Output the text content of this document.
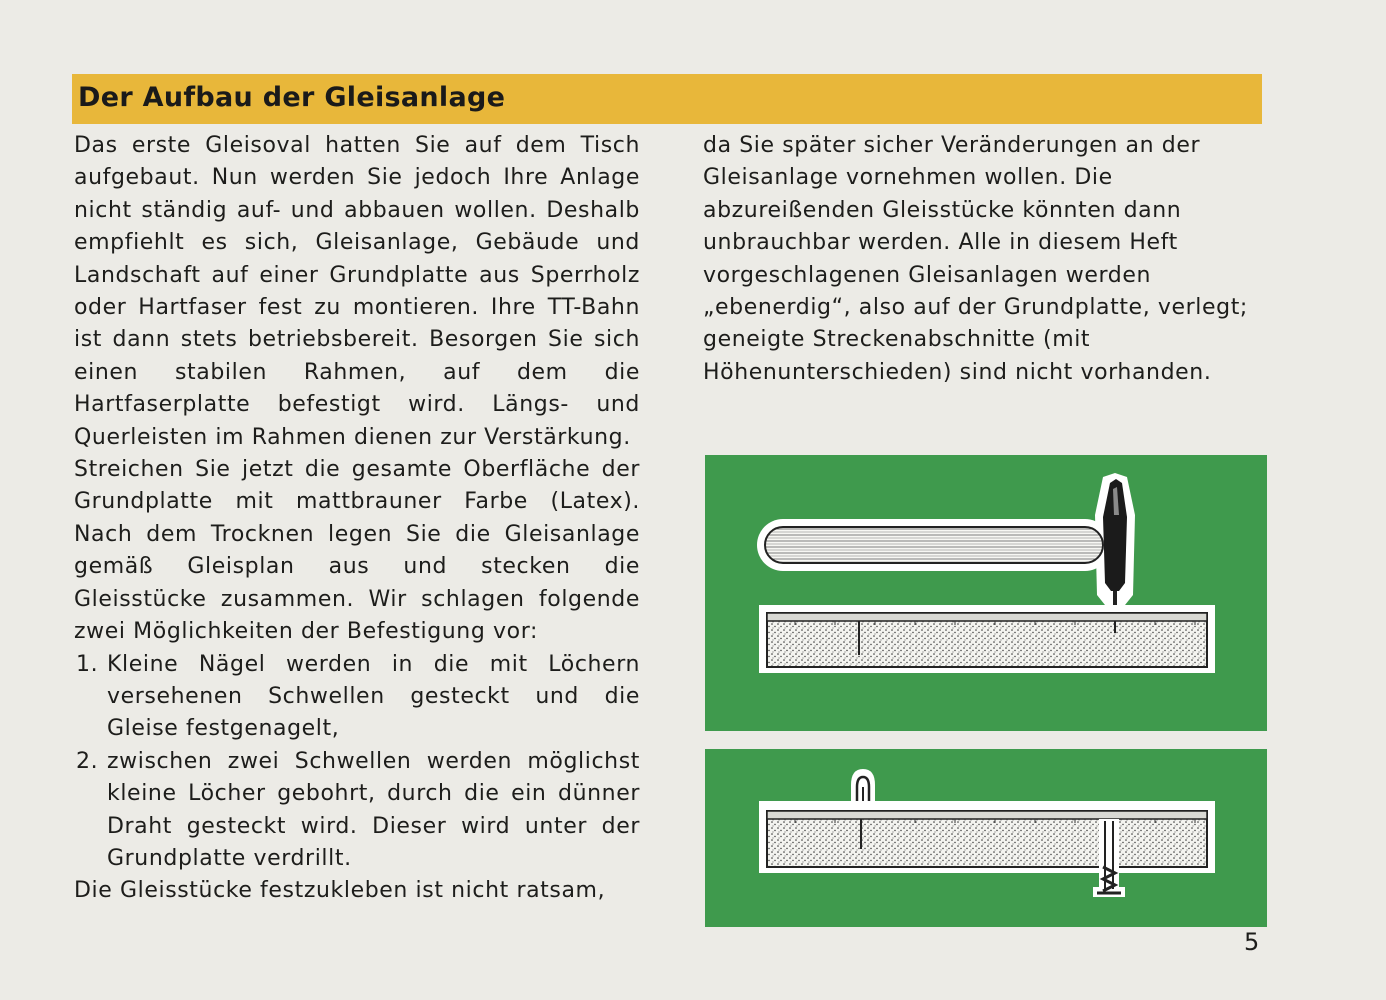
Der Aufbau der Gleisanlage

Das erste Gleisoval hatten Sie auf dem Tisch aufgebaut. Nun werden Sie jedoch Ihre Anlage nicht ständig auf- und abbauen wollen. Deshalb empfiehlt es sich, Gleisanlage, Gebäude und Landschaft auf einer Grundplatte aus Sperrholz oder Hartfaser fest zu montieren. Ihre TT-Bahn ist dann stets betriebsbereit. Besorgen Sie sich einen stabilen Rahmen, auf dem die Hartfaserplatte befestigt wird. Längs- und Querleisten im Rahmen dienen zur Verstärkung.

Streichen Sie jetzt die gesamte Oberfläche der Grundplatte mit mattbrauner Farbe (Latex). Nach dem Trocknen legen Sie die Gleisanlage gemäß Gleisplan aus und stecken die Gleisstücke zusammen. Wir schlagen folgende zwei Möglichkeiten der Befestigung vor:

1. Kleine Nägel werden in die mit Löchern versehenen Schwellen gesteckt und die Gleise festgenagelt,
2. zwischen zwei Schwellen werden möglichst kleine Löcher gebohrt, durch die ein dünner Draht gesteckt wird. Dieser wird unter der Grundplatte verdrillt.

Die Gleisstücke festzukleben ist nicht ratsam,

da Sie später sicher Veränderungen an der Gleisanlage vornehmen wollen. Die abzureißenden Gleisstücke könnten dann unbrauchbar werden. Alle in diesem Heft vorgeschlagenen Gleisanlagen werden „ebenerdig“, also auf der Grundplatte, verlegt; geneigte Streckenabschnitte (mit Höhenunterschieden) sind nicht vorhanden.

5
